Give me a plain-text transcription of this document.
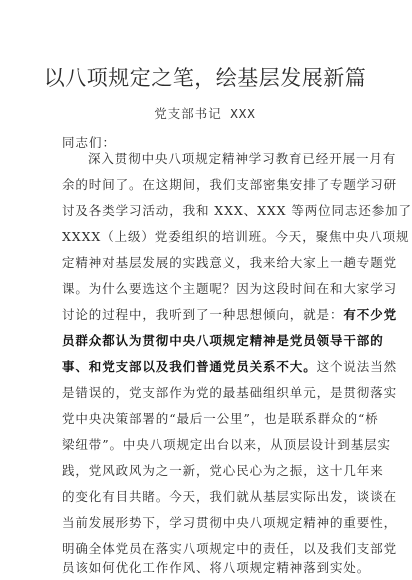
以八项规定之笔，绘基层发展新篇
党支部书记 XXX
同志们：
深入贯彻中央八项规定精神学习教育已经开展一月有
余的时间了。在这期间，我们支部密集安排了专题学习研
讨及各类学习活动，我和 XXX、XXX 等两位同志还参加了
XXXX（上级）党委组织的培训班。今天，聚焦中央八项规
定精神对基层发展的实践意义，我来给大家上一趟专题党
课。为什么要选这个主题呢？因为这段时间在和大家学习
讨论的过程中，我听到了一种思想倾向，就是：有不少党
员群众都认为贯彻中央八项规定精神是党员领导干部的
事、和党支部以及我们普通党员关系不大。这个说法当然
是错误的，党支部作为党的最基础组织单元，是贯彻落实
党中央决策部署的“最后一公里”，也是联系群众的“桥
梁纽带”。中央八项规定出台以来，从顶层设计到基层实
践，党风政风为之一新，党心民心为之振，这十几年来
的变化有目共睹。今天，我们就从基层实际出发，谈谈在
当前发展形势下，学习贯彻中央八项规定精神的重要性，
明确全体党员在落实八项规定中的责任，以及我们支部党
员该如何优化工作作风、将八项规定精神落到实处。
